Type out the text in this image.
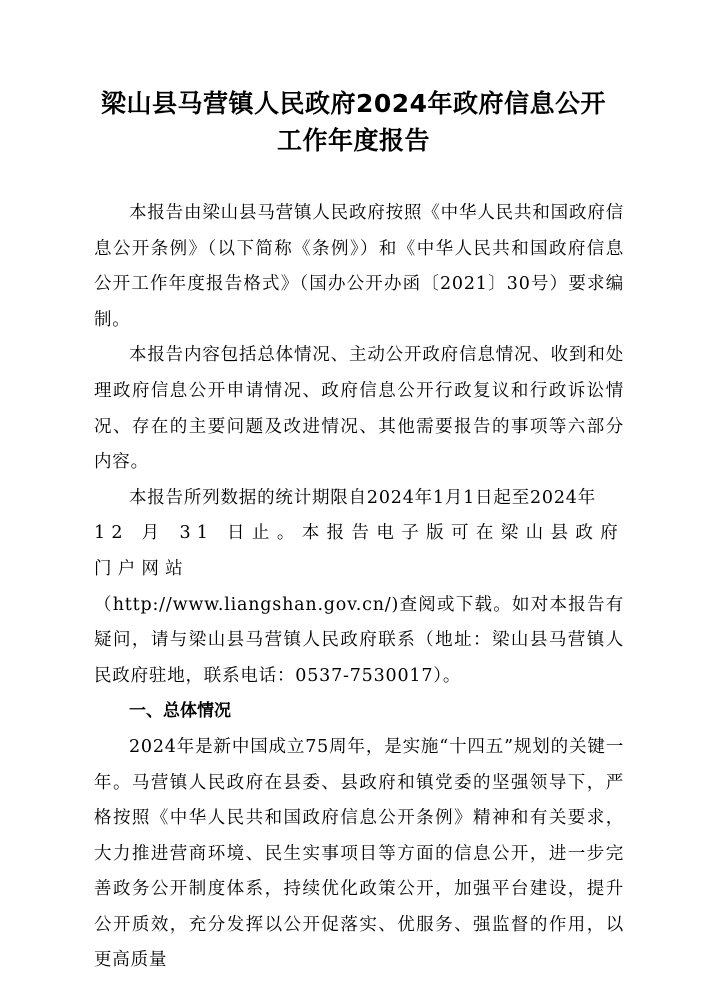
梁山县马营镇人民政府2024年政府信息公开
工作年度报告

本报告由梁山县马营镇人民政府按照《中华人民共和国政府信息公开条例》（以下简称《条例》）和《中华人民共和国政府信息公开工作年度报告格式》（国办公开办函〔2021〕30号）要求编制。

本报告内容包括总体情况、主动公开政府信息情况、收到和处理政府信息公开申请情况、政府信息公开行政复议和行政诉讼情况、存在的主要问题及改进情况、其他需要报告的事项等六部分内容。

本报告所列数据的统计期限自2024年1月1日起至2024年
12 月 31 日止。本报告电子版可在梁山县政府门户网站
（http://www.liangshan.gov.cn/)查阅或下载。如对本报告有疑问，请与梁山县马营镇人民政府联系（地址：梁山县马营镇人民政府驻地，联系电话：0537-7530017）。

一、总体情况

2024年是新中国成立75周年，是实施“十四五”规划的关键一年。马营镇人民政府在县委、县政府和镇党委的坚强领导下，严格按照《中华人民共和国政府信息公开条例》精神和有关要求，大力推进营商环境、民生实事项目等方面的信息公开，进一步完善政务公开制度体系，持续优化政策公开，加强平台建设，提升公开质效，充分发挥以公开促落实、优服务、强监督的作用，以更高质量
